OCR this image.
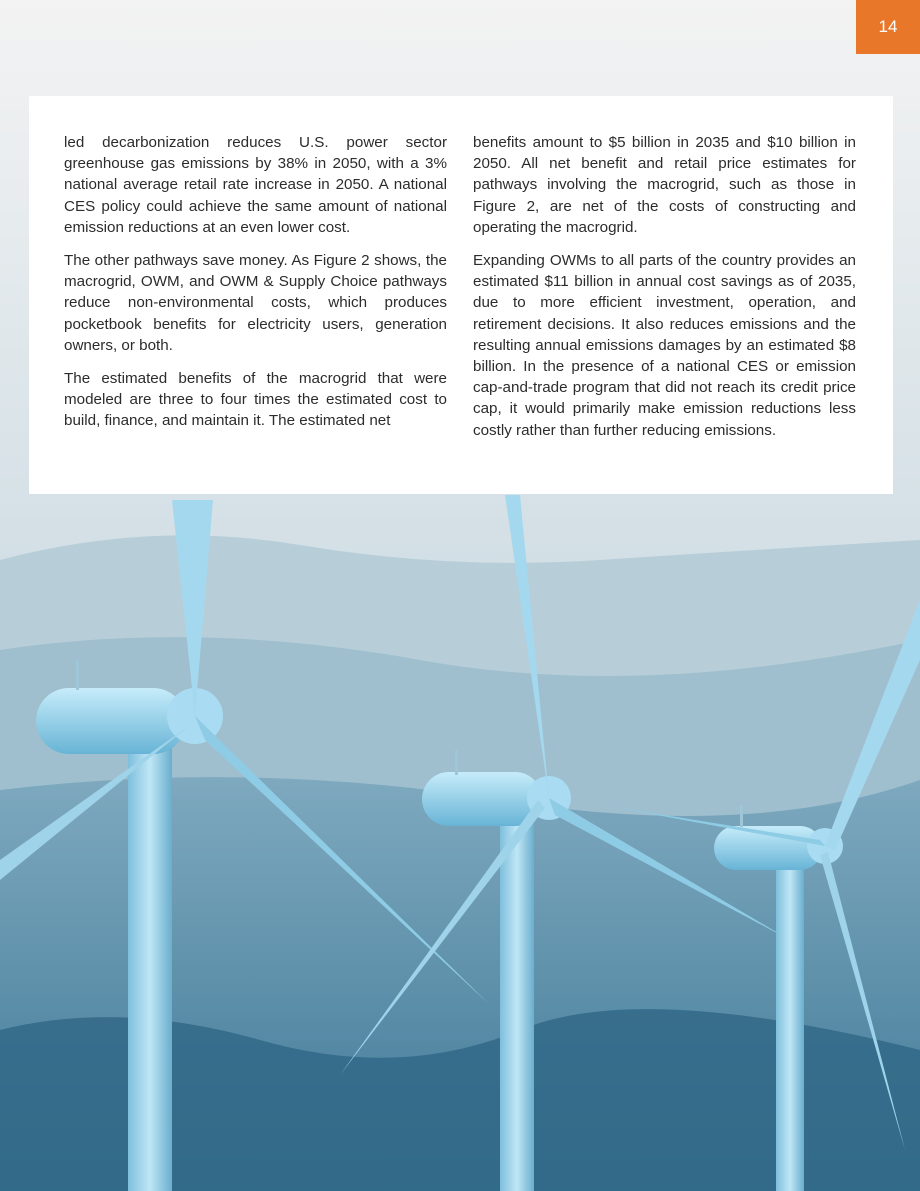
14

led decarbonization reduces U.S. power sector greenhouse gas emissions by 38% in 2050, with a 3% national average retail rate increase in 2050. A national CES policy could achieve the same amount of national emission reductions at an even lower cost.

The other pathways save money. As Figure 2 shows, the macrogrid, OWM, and OWM & Supply Choice pathways reduce non-environmental costs, which produces pocketbook benefits for electricity users, generation owners, or both.

The estimated benefits of the macrogrid that were modeled are three to four times the estimated cost to build, finance, and maintain it. The estimated net

benefits amount to $5 billion in 2035 and $10 billion in 2050. All net benefit and retail price estimates for pathways involving the macrogrid, such as those in Figure 2, are net of the costs of constructing and operating the macrogrid.

Expanding OWMs to all parts of the country provides an estimated $11 billion in annual cost savings as of 2035, due to more efficient investment, operation, and retirement decisions. It also reduces emissions and the resulting annual emissions damages by an estimated $8 billion. In the presence of a national CES or emission cap-and-trade program that did not reach its credit price cap, it would primarily make emission reductions less costly rather than further reducing emissions.
